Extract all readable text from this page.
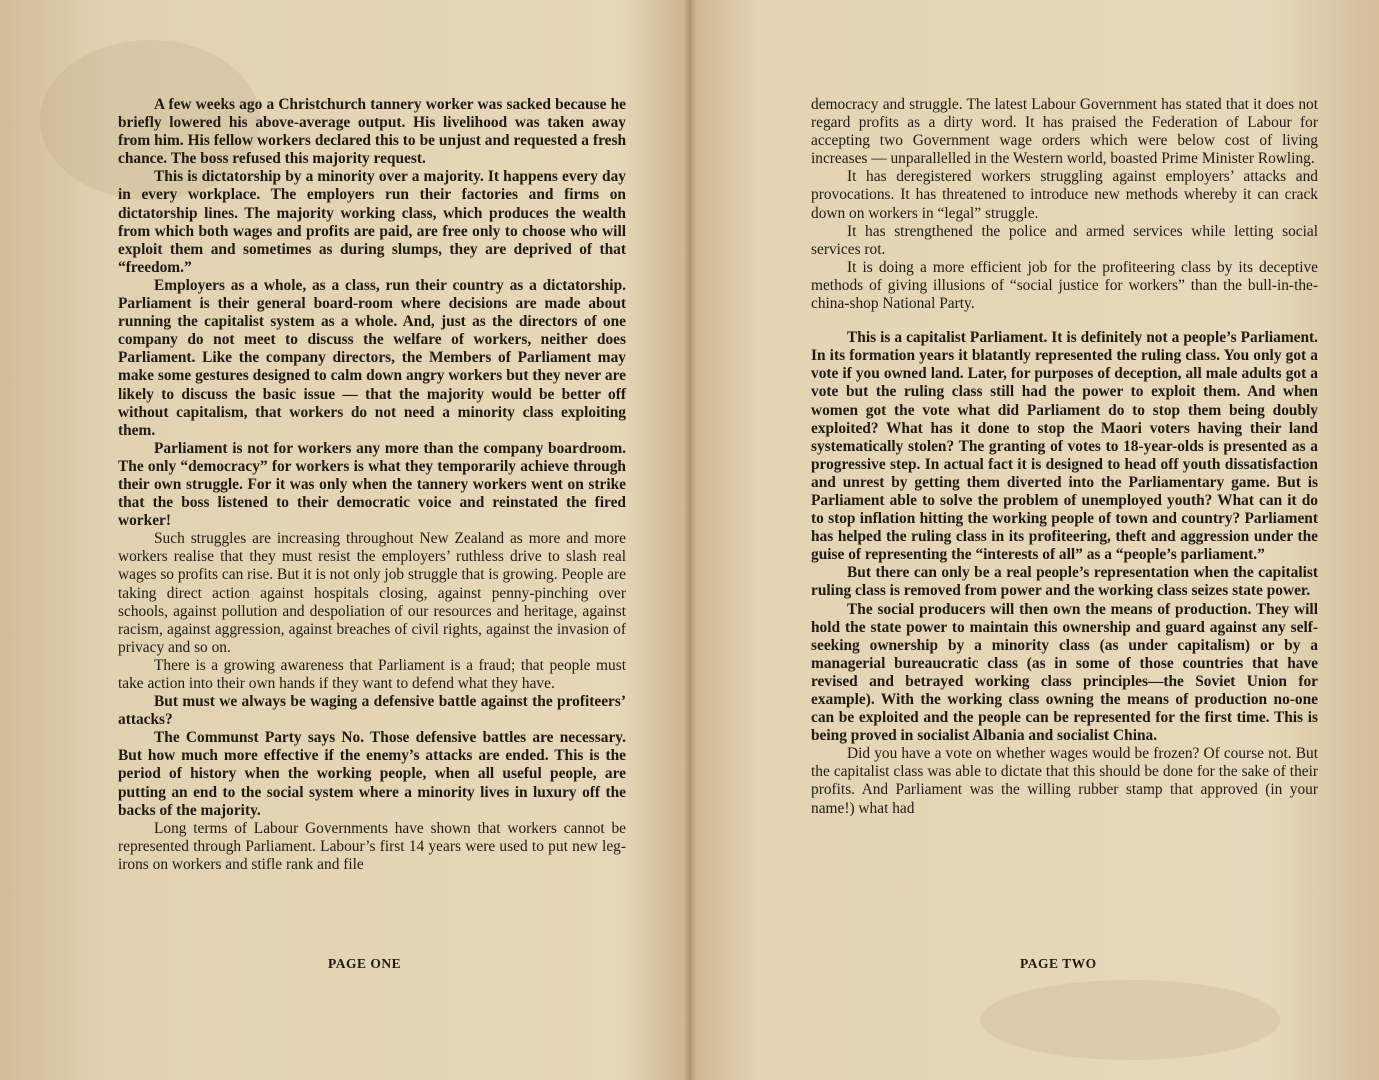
A few weeks ago a Christchurch tannery worker was sacked because he briefly lowered his above-average output. His livelihood was taken away from him. His fellow workers declared this to be unjust and requested a fresh chance. The boss refused this majority request.

This is dictatorship by a minority over a majority. It happens every day in every workplace. The employers run their factories and firms on dictatorship lines. The majority working class, which produces the wealth from which both wages and profits are paid, are free only to choose who will exploit them and sometimes as during slumps, they are deprived of that “freedom.”

Employers as a whole, as a class, run their country as a dictatorship. Parliament is their general board-room where decisions are made about running the capitalist system as a whole. And, just as the directors of one company do not meet to discuss the welfare of workers, neither does Parliament. Like the company directors, the Members of Parliament may make some gestures designed to calm down angry workers but they never are likely to discuss the basic issue — that the majority would be better off without capitalism, that workers do not need a minority class exploiting them.

Parliament is not for workers any more than the company boardroom. The only “democracy” for workers is what they temporarily achieve through their own struggle. For it was only when the tannery workers went on strike that the boss listened to their democratic voice and reinstated the fired worker!

Such struggles are increasing throughout New Zealand as more and more workers realise that they must resist the employers’ ruthless drive to slash real wages so profits can rise. But it is not only job struggle that is growing. People are taking direct action against hospitals closing, against penny-pinching over schools, against pollution and despoliation of our resources and heritage, against racism, against aggression, against breaches of civil rights, against the invasion of privacy and so on.

There is a growing awareness that Parliament is a fraud; that people must take action into their own hands if they want to defend what they have.

But must we always be waging a defensive battle against the profiteers’ attacks?

The Communst Party says No. Those defensive battles are necessary. But how much more effective if the enemy’s attacks are ended. This is the period of history when the working people, when all useful people, are putting an end to the social system where a minority lives in luxury off the backs of the majority.

Long terms of Labour Governments have shown that workers cannot be represented through Parliament. Labour’s first 14 years were used to put new leg-irons on workers and stifle rank and file

PAGE ONE

democracy and struggle. The latest Labour Government has stated that it does not regard profits as a dirty word. It has praised the Federation of Labour for accepting two Government wage orders which were below cost of living increases — unparallelled in the Western world, boasted Prime Minister Rowling.

It has deregistered workers struggling against employers’ attacks and provocations. It has threatened to introduce new methods whereby it can crack down on workers in “legal” struggle.

It has strengthened the police and armed services while letting social services rot.

It is doing a more efficient job for the profiteering class by its deceptive methods of giving illusions of “social justice for workers” than the bull-in-the-china-shop National Party.

This is a capitalist Parliament. It is definitely not a people’s Parliament. In its formation years it blatantly represented the ruling class. You only got a vote if you owned land. Later, for purposes of deception, all male adults got a vote but the ruling class still had the power to exploit them. And when women got the vote what did Parliament do to stop them being doubly exploited? What has it done to stop the Maori voters having their land systematically stolen? The granting of votes to 18-year-olds is presented as a progressive step. In actual fact it is designed to head off youth dissatisfaction and unrest by getting them diverted into the Parliamentary game. But is Parliament able to solve the problem of unemployed youth? What can it do to stop inflation hitting the working people of town and country? Parliament has helped the ruling class in its profiteering, theft and aggression under the guise of representing the “interests of all” as a “people’s parliament.”

But there can only be a real people’s representation when the capitalist ruling class is removed from power and the working class seizes state power.

The social producers will then own the means of production. They will hold the state power to maintain this ownership and guard against any self-seeking ownership by a minority class (as under capitalism) or by a managerial bureaucratic class (as in some of those countries that have revised and betrayed working class principles—the Soviet Union for example). With the working class owning the means of production no-one can be exploited and the people can be represented for the first time. This is being proved in socialist Albania and socialist China.

Did you have a vote on whether wages would be frozen? Of course not. But the capitalist class was able to dictate that this should be done for the sake of their profits. And Parliament was the willing rubber stamp that approved (in your name!) what had

PAGE TWO
